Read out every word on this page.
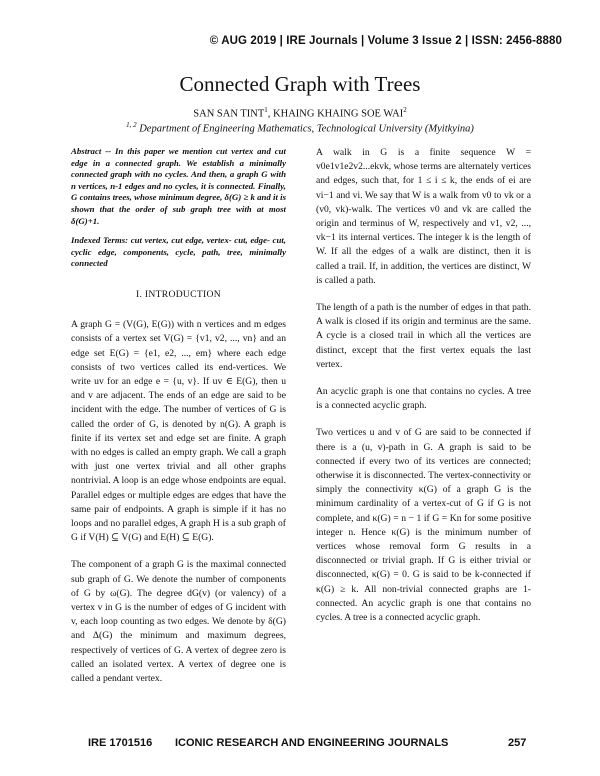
© AUG 2019 | IRE Journals | Volume 3 Issue 2 | ISSN: 2456-8880
Connected Graph with Trees
SAN SAN TINT$^1$, KHAING KHAING SOE WAI$^2$
$^{1, 2}$ Department of Engineering Mathematics, Technological University (Myitkyina)
Abstract -- In this paper we mention cut vertex and cut edge in a connected graph. We establish a minimally connected graph with no cycles. And then, a graph G with n vertices, n-1 edges and no cycles, it is connected. Finally, G contains trees, whose minimum degree, δ(G) ≥ k and it is shown that the order of sub graph tree with at most δ(G)+1.
Indexed Terms: cut vertex, cut edge, vertex- cut, edge- cut, cyclic edge, components, cycle, path, tree, minimally connected
I. INTRODUCTION

A graph G = (V(G), E(G)) with n vertices and m edges consists of a vertex set V(G) = {v1, v2, ..., vn} and an edge set E(G) = {e1, e2, ..., em} where each edge consists of two vertices called its end-vertices. We write uv for an edge e = {u, v}. If uv ∈ E(G), then u and v are adjacent. The ends of an edge are said to be incident with the edge. The number of vertices of G is called the order of G, is denoted by n(G). A graph is finite if its vertex set and edge set are finite. A graph with no edges is called an empty graph. We call a graph with just one vertex trivial and all other graphs nontrivial. A loop is an edge whose endpoints are equal. Parallel edges or multiple edges are edges that have the same pair of endpoints. A graph is simple if it has no loops and no parallel edges, A graph H is a sub graph of G if V(H) ⊆ V(G) and E(H) ⊆ E(G).

The component of a graph G is the maximal connected sub graph of G. We denote the number of components of G by ω(G). The degree dG(v) (or valency) of a vertex v in G is the number of edges of G incident with v, each loop counting as two edges. We denote by δ(G) and Δ(G) the minimum and maximum degrees, respectively of vertices of G. A vertex of degree zero is called an isolated vertex. A vertex of degree one is called a pendant vertex.

A walk in G is a finite sequence W = v0e1v1e2v2...ekvk, whose terms are alternately vertices and edges, such that, for 1 ≤ i ≤ k, the ends of ei are vi−1 and vi. We say that W is a walk from v0 to vk or a (v0, vk)-walk. The vertices v0 and vk are called the origin and terminus of W, respectively and v1, v2, ..., vk−1 its internal vertices. The integer k is the length of W. If all the edges of a walk are distinct, then it is called a trail. If, in addition, the vertices are distinct, W is called a path.

The length of a path is the number of edges in that path. A walk is closed if its origin and terminus are the same. A cycle is a closed trail in which all the vertices are distinct, except that the first vertex equals the last vertex.

An acyclic graph is one that contains no cycles. A tree is a connected acyclic graph.

Two vertices u and v of G are said to be connected if there is a (u, v)-path in G. A graph is said to be connected if every two of its vertices are connected; otherwise it is disconnected. The vertex-connectivity or simply the connectivity κ(G) of a graph G is the minimum cardinality of a vertex-cut of G if G is not complete, and κ(G) = n − 1 if G = Kn for some positive integer n. Hence κ(G) is the minimum number of vertices whose removal form G results in a disconnected or trivial graph. If G is either trivial or disconnected, κ(G) = 0. G is said to be k-connected if κ(G) ≥ k. All non-trivial connected graphs are 1-connected. An acyclic graph is one that contains no cycles. A tree is a connected acyclic graph.

IRE 1701516 ICONIC RESEARCH AND ENGINEERING JOURNALS	257
